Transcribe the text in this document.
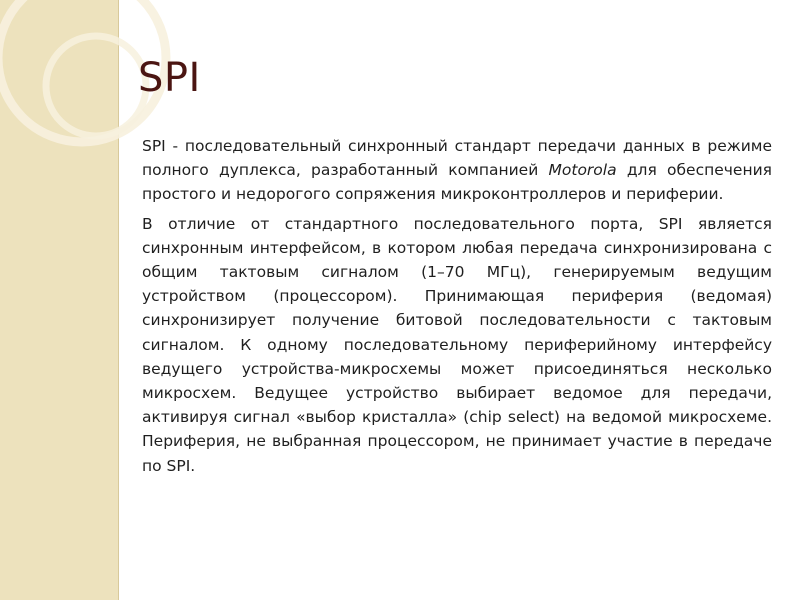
SPI

SPI - последовательный синхронный стандарт передачи данных в режиме полного дуплекса, разработанный компанией Motorola для обеспечения простого и недорогого сопряжения микроконтроллеров и периферии.

В отличие от стандартного последовательного порта, SPI является синхронным интерфейсом, в котором любая передача синхронизирована с общим тактовым сигналом (1–70 МГц), генерируемым ведущим устройством (процессором). Принимающая периферия (ведомая) синхронизирует получение битовой последовательности с тактовым сигналом. К одному последовательному периферийному интерфейсу ведущего устройства-микросхемы может присоединяться несколько микросхем. Ведущее устройство выбирает ведомое для передачи, активируя сигнал «выбор кристалла» (chip select) на ведомой микросхеме. Периферия, не выбранная процессором, не принимает участие в передаче по SPI.
